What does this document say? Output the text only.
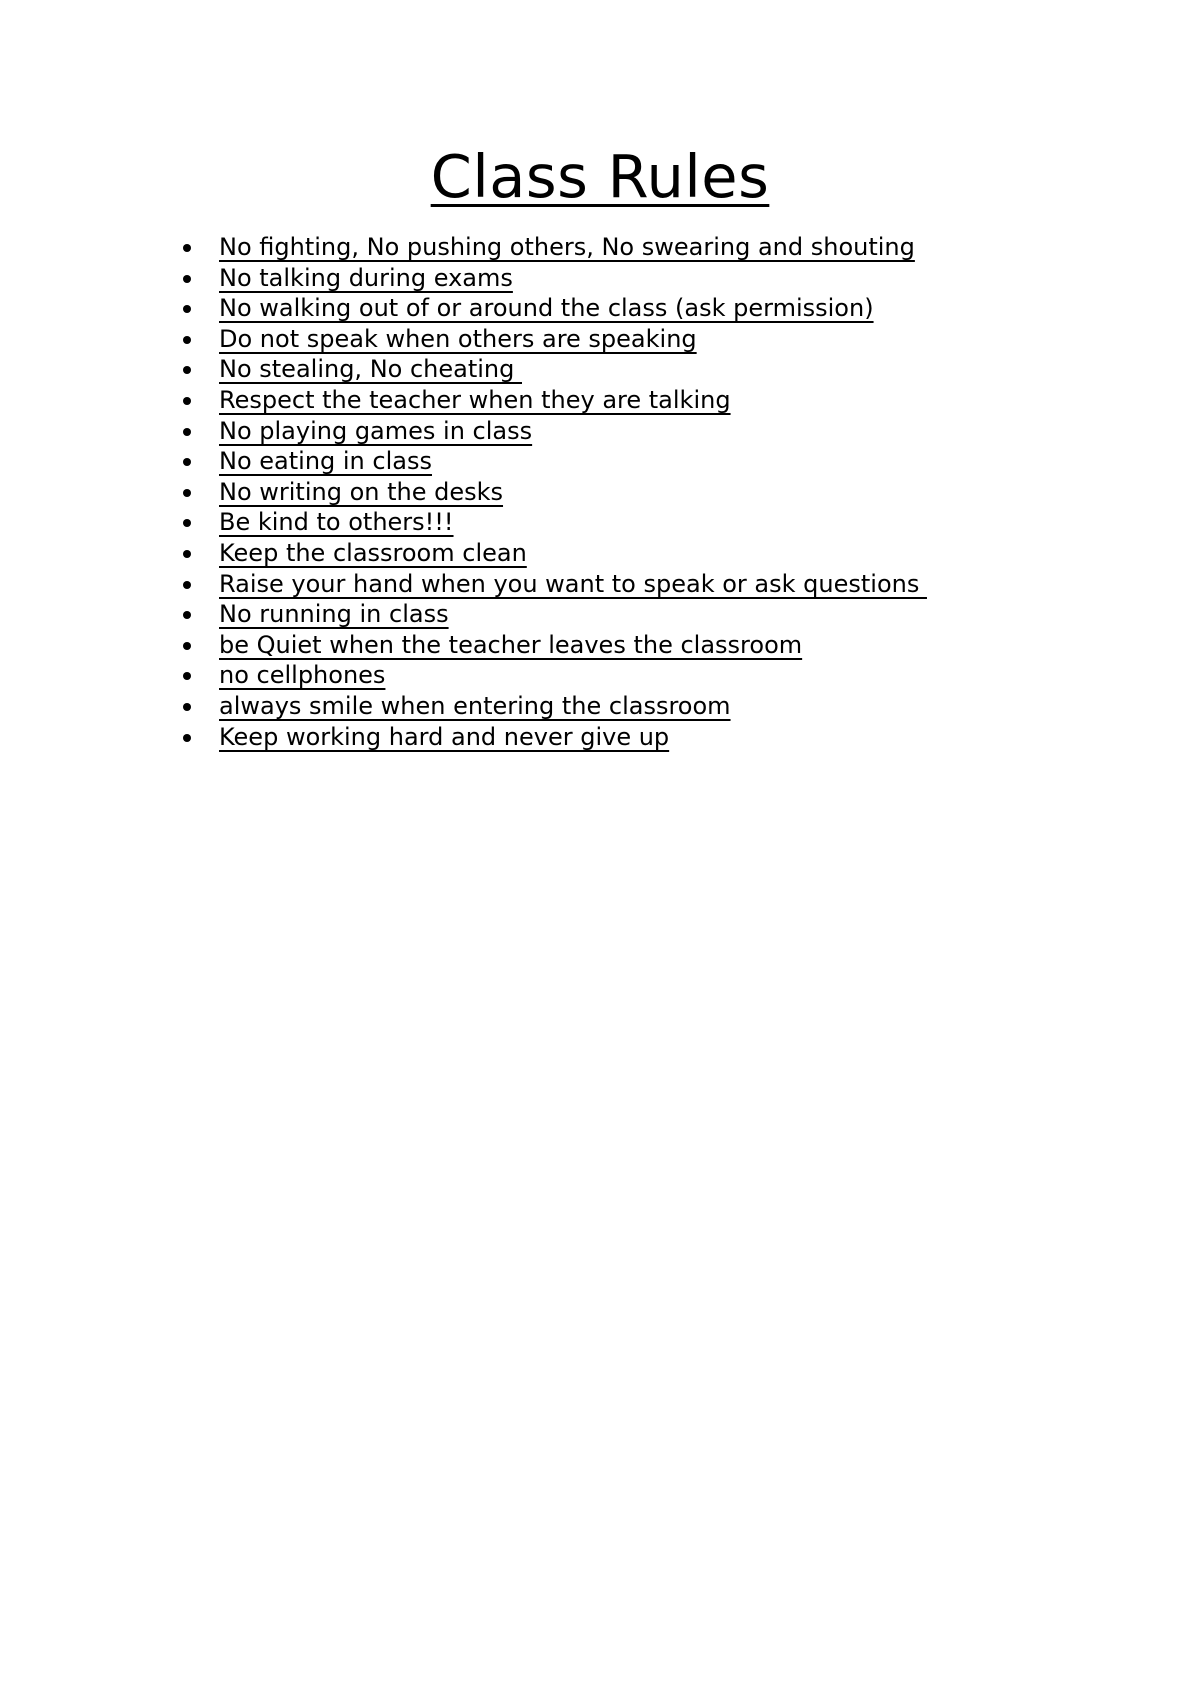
Class Rules
No fighting, No pushing others, No swearing and shouting
No talking during exams
No walking out of or around the class (ask permission)
Do not speak when others are speaking
No stealing, No cheating
Respect the teacher when they are talking
No playing games in class
No eating in class
No writing on the desks
Be kind to others!!!
Keep the classroom clean
Raise your hand when you want to speak or ask questions
No running in class
be Quiet when the teacher leaves the classroom
no cellphones
always smile when entering the classroom
Keep working hard and never give up
